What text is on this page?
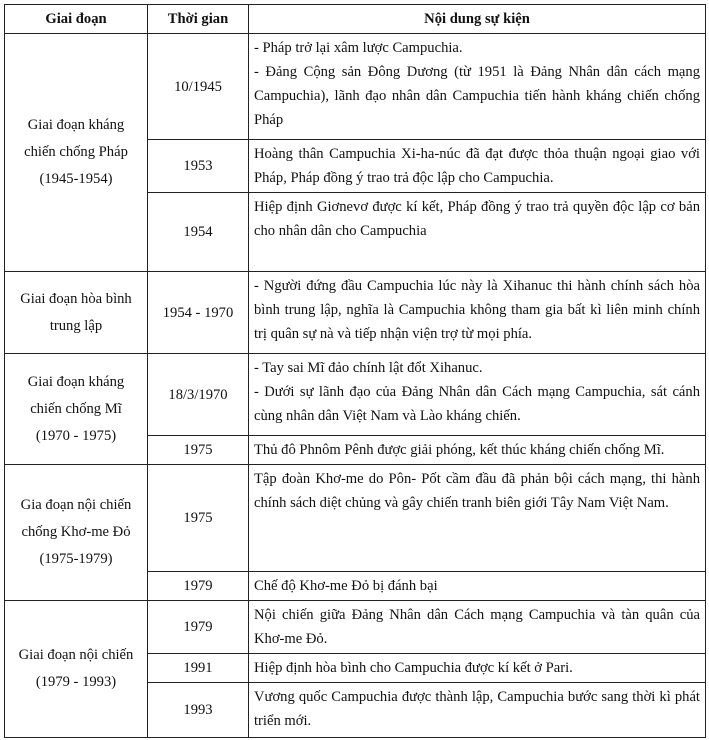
Giai đoạn	Thời gian	Nội dung sự kiện

Giai đoạn kháng
chiến chống Pháp
(1945-1954)	10/1945	- Pháp trở lại xâm lược Campuchia.
- Đảng Cộng sản Đông Dương (từ 1951 là Đảng Nhân dân cách mạng Campuchia), lãnh đạo nhân dân Campuchia tiến hành kháng chiến chống Pháp

	1953	Hoàng thân Campuchia Xi-ha-núc đã đạt được thỏa thuận ngoại giao với Pháp, Pháp đồng ý trao trả độc lập cho Campuchia.

	1954	Hiệp định Giơnevơ được kí kết, Pháp đồng ý trao trả quyền độc lập cơ bản cho nhân dân cho Campuchia

Giai đoạn hòa bình
trung lập	1954 - 1970	- Người đứng đầu Campuchia lúc này là Xihanuc thi hành chính sách hòa bình trung lập, nghĩa là Campuchia không tham gia bất kì liên minh chính trị quân sự nà và tiếp nhận viện trợ từ mọi phía.

Giai đoạn kháng
chiến chống Mĩ
(1970 - 1975)	18/3/1970	- Tay sai Mĩ đảo chính lật đổt Xihanuc.
- Dưới sự lãnh đạo của Đảng Nhân dân Cách mạng Campuchia, sát cánh cùng nhân dân Việt Nam và Lào kháng chiến.

	1975	Thủ đô Phnôm Pênh được giải phóng, kết thúc kháng chiến chống Mĩ.

Gia đoạn nội chiến
chống Khơ-me Đỏ
(1975-1979)	1975	Tập đoàn Khơ-me do Pôn- Pốt cầm đầu đã phản bội cách mạng, thi hành chính sách diệt chủng và gây chiến tranh biên giới Tây Nam Việt Nam.

	1979	Chế độ Khơ-me Đỏ bị đánh bại

Giai đoạn nội chiến
(1979 - 1993)	1979	Nội chiến giữa Đảng Nhân dân Cách mạng Campuchia và tàn quân của Khơ-me Đỏ.

	1991	Hiệp định hòa bình cho Campuchia được kí kết ở Pari.

	1993	Vương quốc Campuchia được thành lập, Campuchia bước sang thời kì phát triển mới.
